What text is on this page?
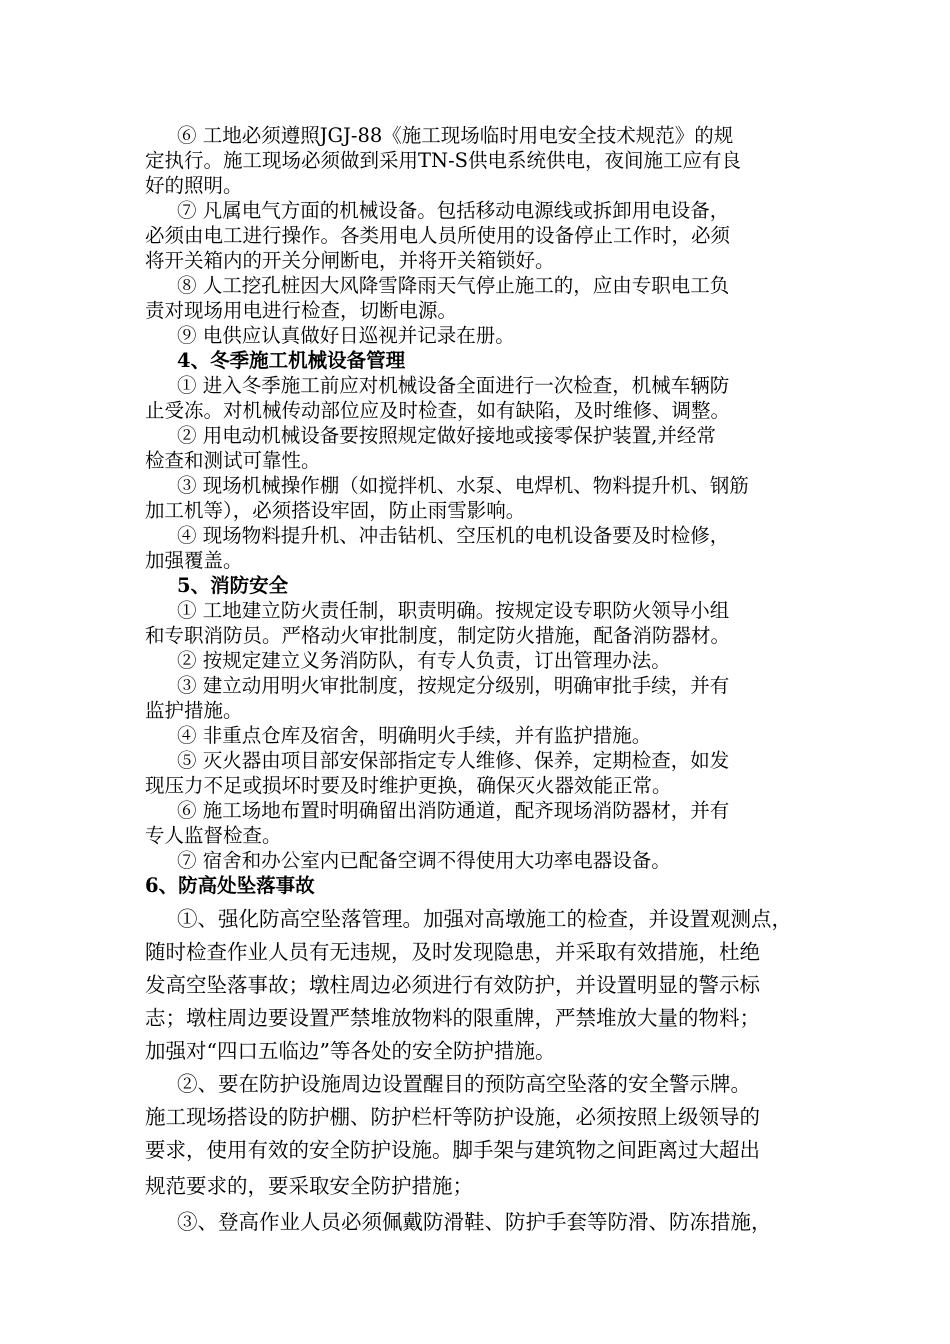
⑥ 工地必须遵照JGJ-88《施工现场临时用电安全技术规范》的规
定执行。施工现场必须做到采用TN-S供电系统供电，夜间施工应有良
好的照明。
⑦ 凡属电气方面的机械设备。包括移动电源线或拆卸用电设备，
必须由电工进行操作。各类用电人员所使用的设备停止工作时，必须
将开关箱内的开关分闸断电，并将开关箱锁好。
⑧ 人工挖孔桩因大风降雪降雨天气停止施工的，应由专职电工负
责对现场用电进行检查，切断电源。
⑨ 电供应认真做好日巡视并记录在册。
4、冬季施工机械设备管理
① 进入冬季施工前应对机械设备全面进行一次检查，机械车辆防
止受冻。对机械传动部位应及时检查，如有缺陷，及时维修、调整。
② 用电动机械设备要按照规定做好接地或接零保护装置,并经常
检查和测试可靠性。
③ 现场机械操作棚（如搅拌机、水泵、电焊机、物料提升机、钢筋
加工机等），必须搭设牢固，防止雨雪影响。
④ 现场物料提升机、冲击钻机、空压机的电机设备要及时检修，
加强覆盖。
5、消防安全
① 工地建立防火责任制，职责明确。按规定设专职防火领导小组
和专职消防员。严格动火审批制度，制定防火措施，配备消防器材。
② 按规定建立义务消防队，有专人负责，订出管理办法。
③ 建立动用明火审批制度，按规定分级别，明确审批手续，并有
监护措施。
④ 非重点仓库及宿舍，明确明火手续，并有监护措施。
⑤ 灭火器由项目部安保部指定专人维修、保养，定期检查，如发
现压力不足或损坏时要及时维护更换，确保灭火器效能正常。
⑥ 施工场地布置时明确留出消防通道，配齐现场消防器材，并有
专人监督检查。
⑦ 宿舍和办公室内已配备空调不得使用大功率电器设备。
6、防高处坠落事故
①、强化防高空坠落管理。加强对高墩施工的检查，并设置观测点，
随时检查作业人员有无违规，及时发现隐患，并采取有效措施，杜绝
发高空坠落事故；墩柱周边必须进行有效防护，并设置明显的警示标
志；墩柱周边要设置严禁堆放物料的限重牌，严禁堆放大量的物料；
加强对“四口五临边”等各处的安全防护措施。
②、要在防护设施周边设置醒目的预防高空坠落的安全警示牌。
施工现场搭设的防护棚、防护栏杆等防护设施，必须按照上级领导的
要求，使用有效的安全防护设施。脚手架与建筑物之间距离过大超出
规范要求的，要采取安全防护措施；
③、登高作业人员必须佩戴防滑鞋、防护手套等防滑、防冻措施，
